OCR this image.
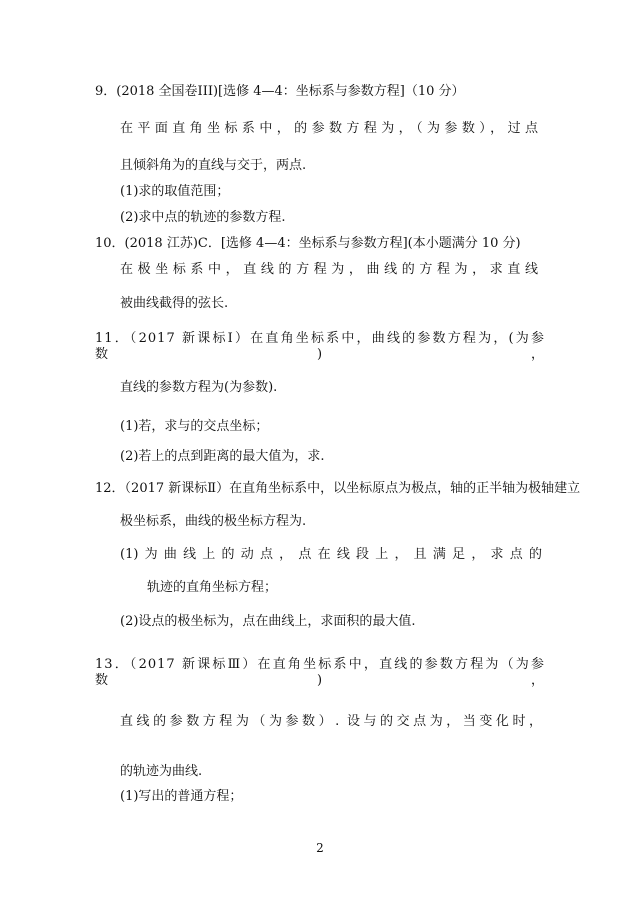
9．(2018 全国卷III)[选修 4—4：坐标系与参数方程]（10 分）
在平面直角坐标系中，的参数方程为，（为参数），过点
且倾斜角为的直线与交于，两点.
(1)求的取值范围；
(2)求中点的轨迹的参数方程.
10．(2018 江苏)C．[选修 4—4：坐标系与参数方程](本小题满分 10 分)
在极坐标系中，直线的方程为，曲线的方程为，求直线
被曲线截得的弦长.
11．（2017 新课标Ⅰ）在直角坐标系中，曲线的参数方程为，(为参数)，
直线的参数方程为(为参数).
(1)若，求与的交点坐标；
(2)若上的点到距离的最大值为，求.
12．（2017 新课标Ⅱ）在直角坐标系中，以坐标原点为极点，轴的正半轴为极轴建立
极坐标系，曲线的极坐标方程为.
(1)为曲线上的动点，点在线段上，且满足，求点的
轨迹的直角坐标方程；
(2)设点的极坐标为，点在曲线上，求面积的最大值.
13．（2017 新课标Ⅲ）在直角坐标系中，直线的参数方程为（为参数)，
直线的参数方程为（为参数）. 设与的交点为，当变化时，
的轨迹为曲线.
(1)写出的普通方程；
2
